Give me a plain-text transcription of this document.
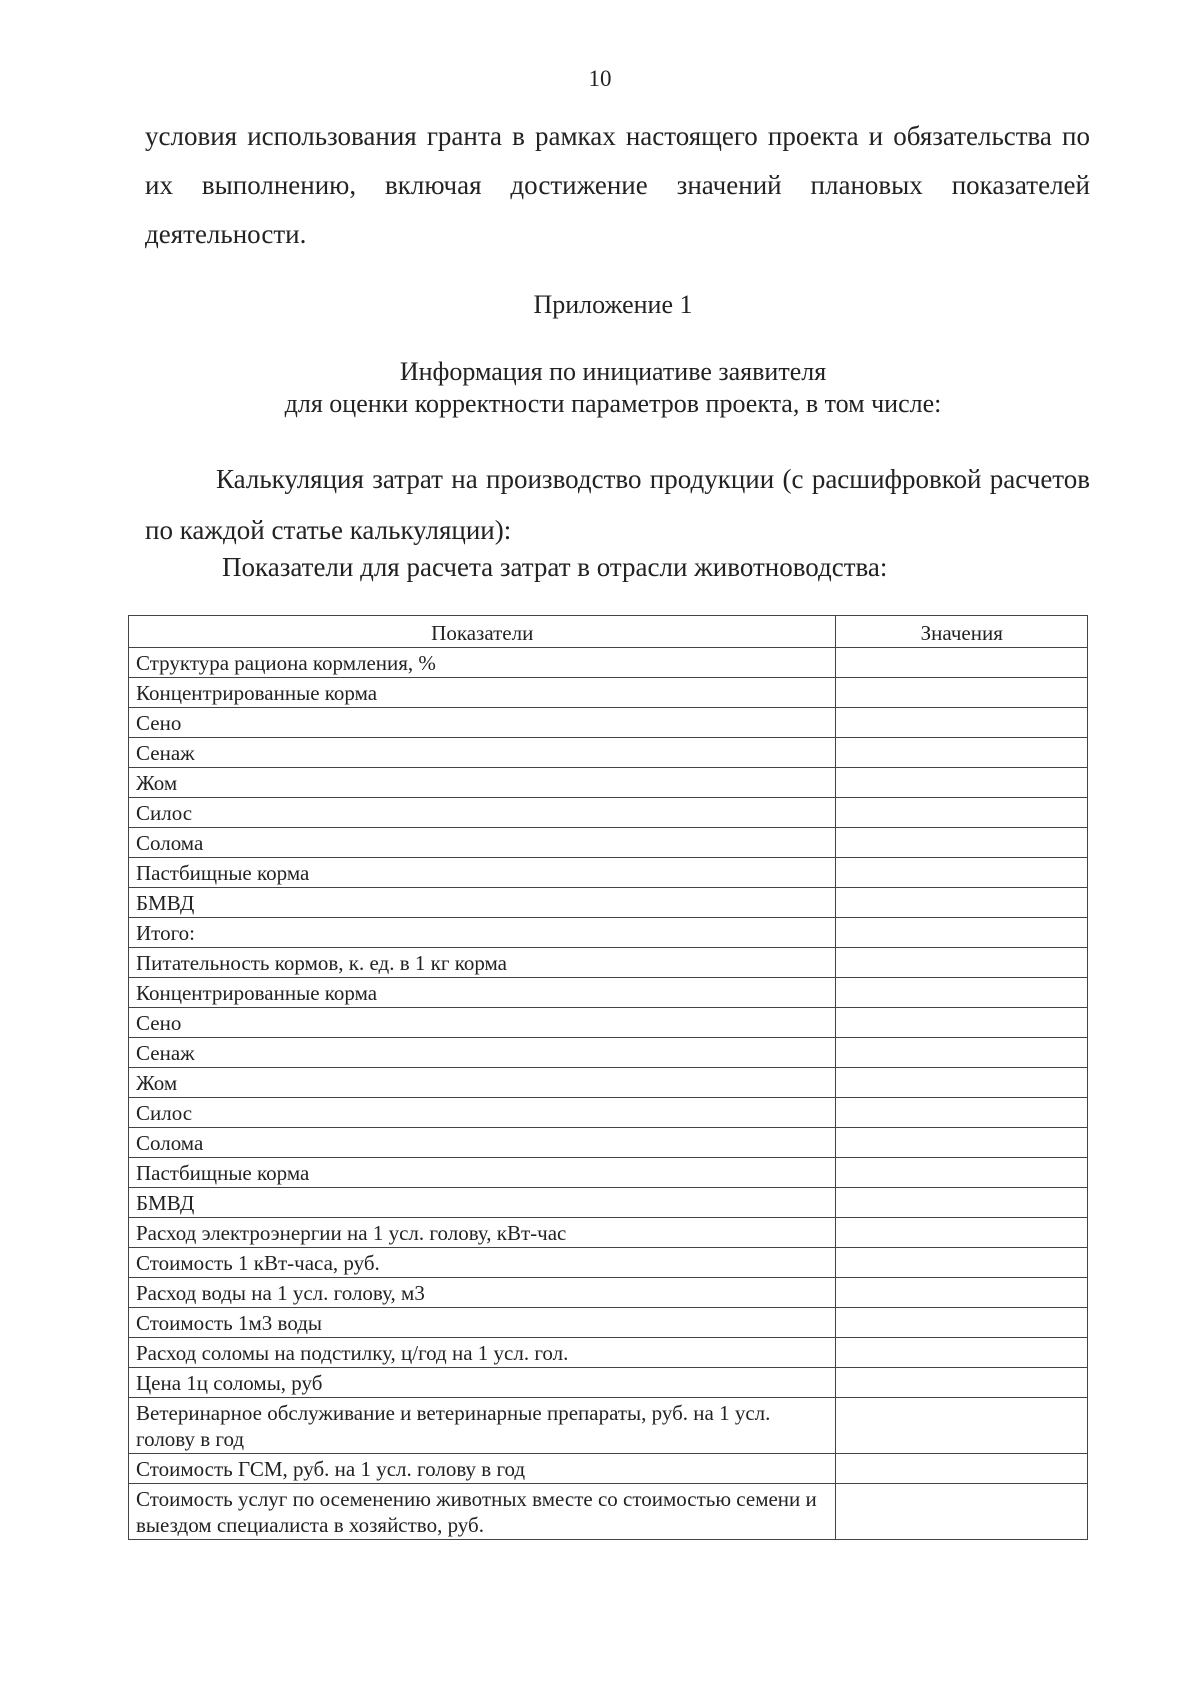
10
условия использования гранта в рамках настоящего проекта и обязательства по их выполнению, включая достижение значений плановых показателей деятельности.
Приложение 1
Информация по инициативе заявителя
для оценки корректности параметров проекта, в том числе:
Калькуляция затрат на производство продукции (с расшифровкой расчетов по каждой статье калькуляции):
Показатели для расчета затрат в отрасли животноводства:
Показатели	Значения

Структура рациона кормления, %	

Концентрированные корма	

Сено	

Сенаж	

Жом	

Силос	

Солома	

Пастбищные корма	

БМВД	

Итого:	

Питательность кормов, к. ед. в 1 кг корма	

Концентрированные корма	

Сено	

Сенаж	

Жом	

Силос	

Солома	

Пастбищные корма	

БМВД	

Расход электроэнергии на 1 усл. голову, кВт-час	

Стоимость 1 кВт-часа, руб.	

Расход воды на 1 усл. голову, м3	

Стоимость 1м3 воды	

Расход соломы на подстилку, ц/год на 1 усл. гол.	

Цена 1ц соломы, руб	

Ветеринарное обслуживание и ветеринарные препараты, руб. на 1 усл. голову в год	

Стоимость ГСМ, руб. на 1 усл. голову в год	

Стоимость услуг по осеменению животных вместе со стоимостью семени и выездом специалиста в хозяйство, руб.	
